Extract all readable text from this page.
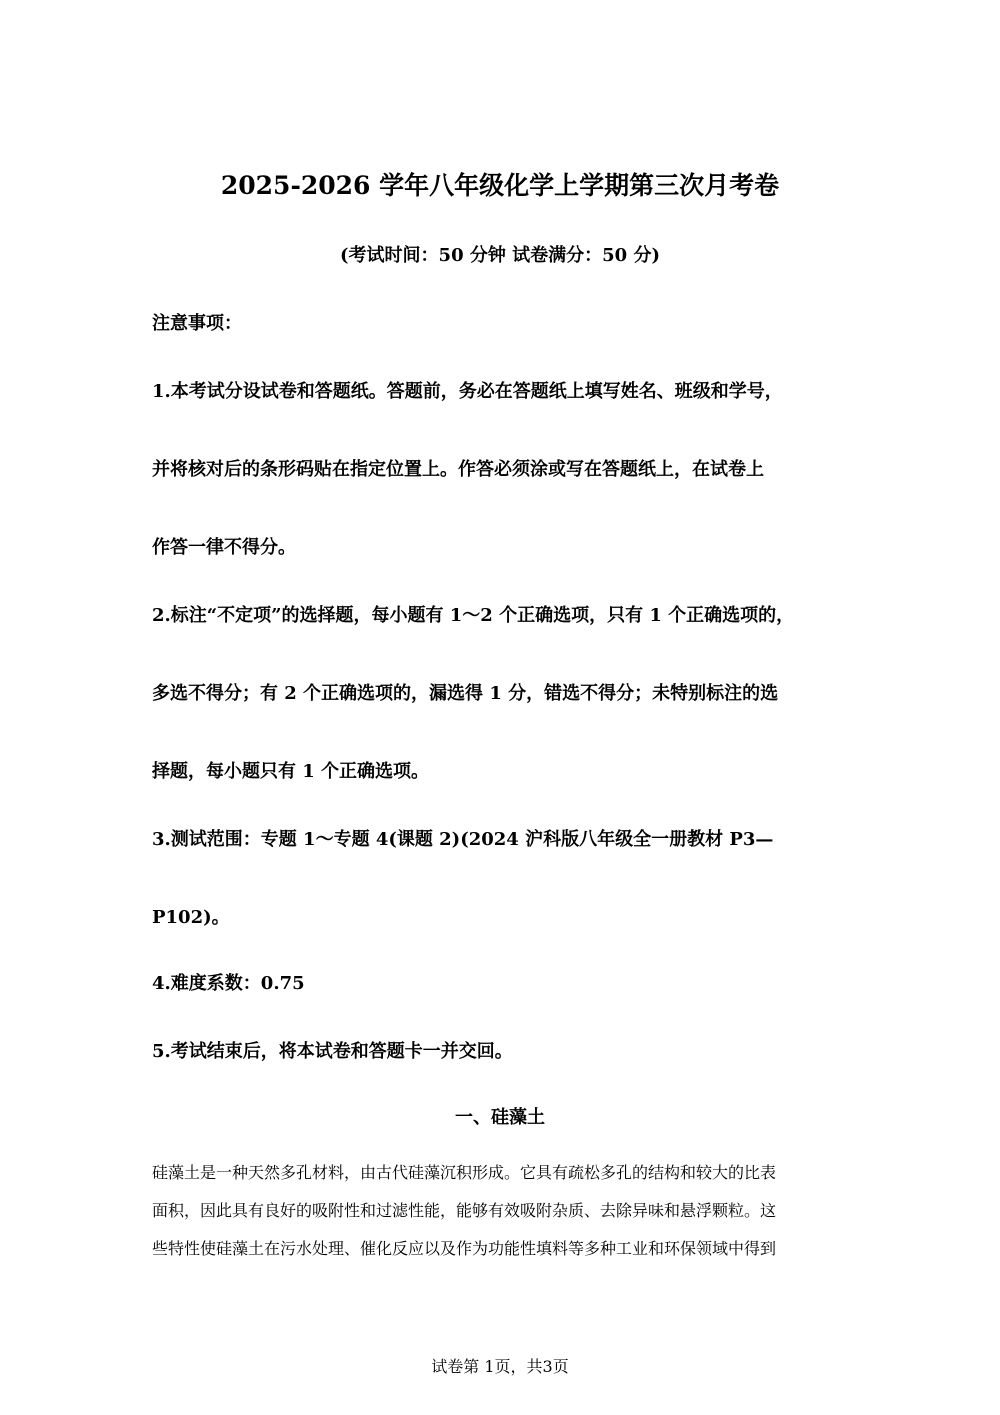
2025-2026 学年八年级化学上学期第三次月考卷
(考试时间：50 分钟 试卷满分：50 分)
注意事项：
1.本考试分设试卷和答题纸。答题前，务必在答题纸上填写姓名、班级和学号，
并将核对后的条形码贴在指定位置上。作答必须涂或写在答题纸上，在试卷上
作答一律不得分。
2.标注“不定项”的选择题，每小题有 1～2 个正确选项，只有 1 个正确选项的，
多选不得分；有 2 个正确选项的，漏选得 1 分，错选不得分；未特别标注的选
择题，每小题只有 1 个正确选项。
3.测试范围：专题 1～专题 4(课题 2)(2024 沪科版八年级全一册教材 P3—
P102)。
4.难度系数：0.75
5.考试结束后，将本试卷和答题卡一并交回。
一、硅藻土
硅藻土是一种天然多孔材料，由古代硅藻沉积形成。它具有疏松多孔的结构和较大的比表
面积，因此具有良好的吸附性和过滤性能，能够有效吸附杂质、去除异味和悬浮颗粒。这
些特性使硅藻土在污水处理、催化反应以及作为功能性填料等多种工业和环保领域中得到
试卷第 1页，共3页
